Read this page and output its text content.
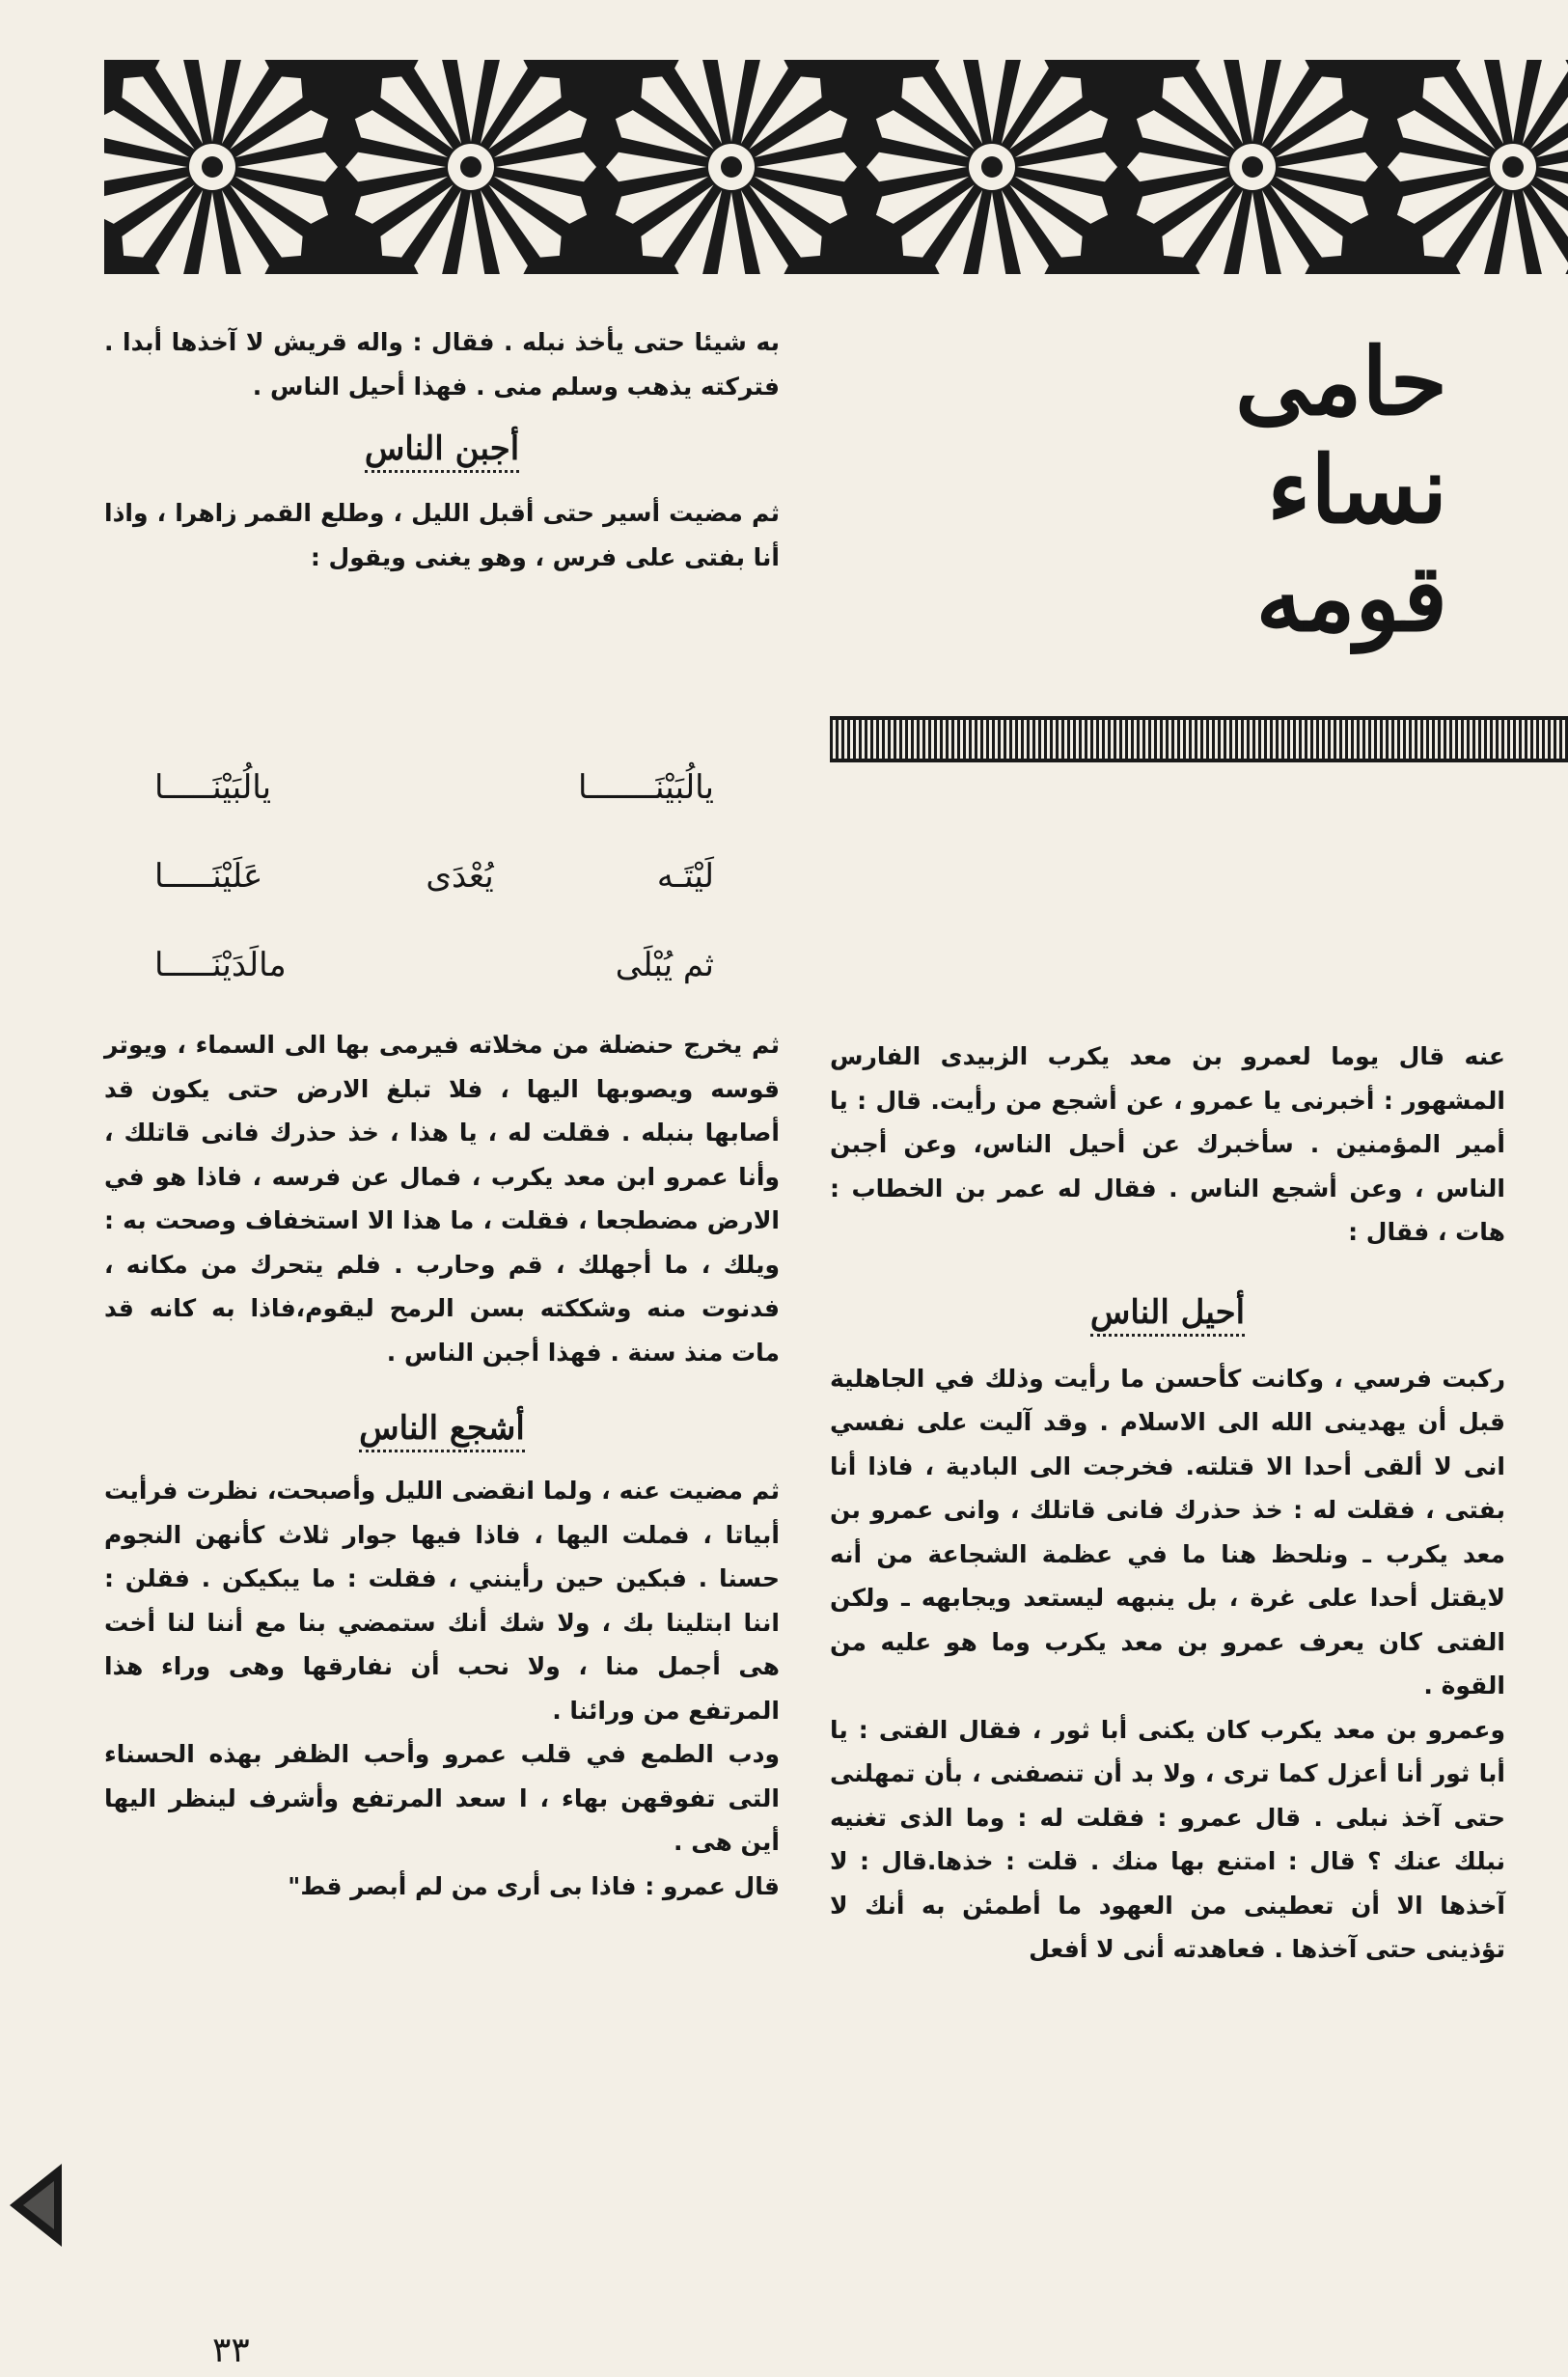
حامى
نساء
قومه

به شيئا حتى يأخذ نبله . فقال : واله قريش لا آخذها أبدا . فتركته يذهب وسلم منى . فهذا أحيل الناس .

أجبن الناس

ثم مضيت أسير حتى أقبل الليل ، وطلع القمر زاهرا ، واذا أنا بفتى على فرس ، وهو يغنى ويقول :

يالُبَيْنَـــــــا
يالُبَيْنَـــــا
لَيْتَـه
يُعْدَى
عَلَيْنَـــــا
ثم يُبْلَى
مالَدَيْنَـــــا

ثم يخرج حنضلة من مخلاته فيرمى بها الى السماء ، ويوتر قوسه ويصوبها اليها ، فلا تبلغ الارض حتى يكون قد أصابها بنبله . فقلت له ، يا هذا ، خذ حذرك فانى قاتلك ، وأنا عمرو ابن معد يكرب ، فمال عن فرسه ، فاذا هو في الارض مضطجعا ، فقلت ، ما هذا الا استخفاف وصحت به : ويلك ، ما أجهلك ، قم وحارب . فلم يتحرك من مكانه ، فدنوت منه وشككته بسن الرمح ليقوم،فاذا به كانه قد مات منذ سنة . فهذا أجبن الناس .

أشجع الناس

ثم مضيت عنه ، ولما انقضى الليل وأصبحت، نظرت فرأيت أبياتا ، فملت اليها ، فاذا فيها جوار ثلاث كأنهن النجوم حسنا . فبكين حين رأينني ، فقلت : ما يبكيكن . فقلن : اننا ابتلينا بك ، ولا شك أنك ستمضي بنا مع أننا لنا أخت هى أجمل منا ، ولا نحب أن نفارقها وهى وراء هذا المرتفع من ورائنا .

ودب الطمع في قلب عمرو وأحب الظفر بهذه الحسناء التى تفوقهن بهاء ، ا سعد المرتفع وأشرف لينظر اليها أين هى .

قال عمرو : فاذا بى أرى من لم أبصر قط"

عنه قال يوما لعمرو بن معد يكرب الزبيدى الفارس المشهور : أخبرنى يا عمرو ، عن أشجع من رأيت. قال : يا أمير المؤمنين . سأخبرك عن أحيل الناس، وعن أجبن الناس ، وعن أشجع الناس . فقال له عمر بن الخطاب : هات ، فقال :

أحيل الناس

ركبت فرسي ، وكانت كأحسن ما رأيت وذلك في الجاهلية قبل أن يهدينى الله الى الاسلام . وقد آليت على نفسي انى لا ألقى أحدا الا قتلته. فخرجت الى البادية ، فاذا أنا بفتى ، فقلت له : خذ حذرك فانى قاتلك ، وانى عمرو بن معد يكرب ـ ونلحظ هنا ما في عظمة الشجاعة من أنه لايقتل أحدا على غرة ، بل ينبهه ليستعد ويجابهه ـ ولكن الفتى كان يعرف عمرو بن معد يكرب وما هو عليه من القوة .

وعمرو بن معد يكرب كان يكنى أبا ثور ، فقال الفتى : يا أبا ثور أنا أعزل كما ترى ، ولا بد أن تنصفنى ، بأن تمهلنى حتى آخذ نبلى . قال عمرو : فقلت له : وما الذى تغنيه نبلك عنك ؟ قال : امتنع بها منك . قلت : خذها.قال : لا آخذها الا أن تعطينى من العهود ما أطمئن به أنك لا تؤذينى حتى آخذها . فعاهدته أنى لا أفعل

٣٣
